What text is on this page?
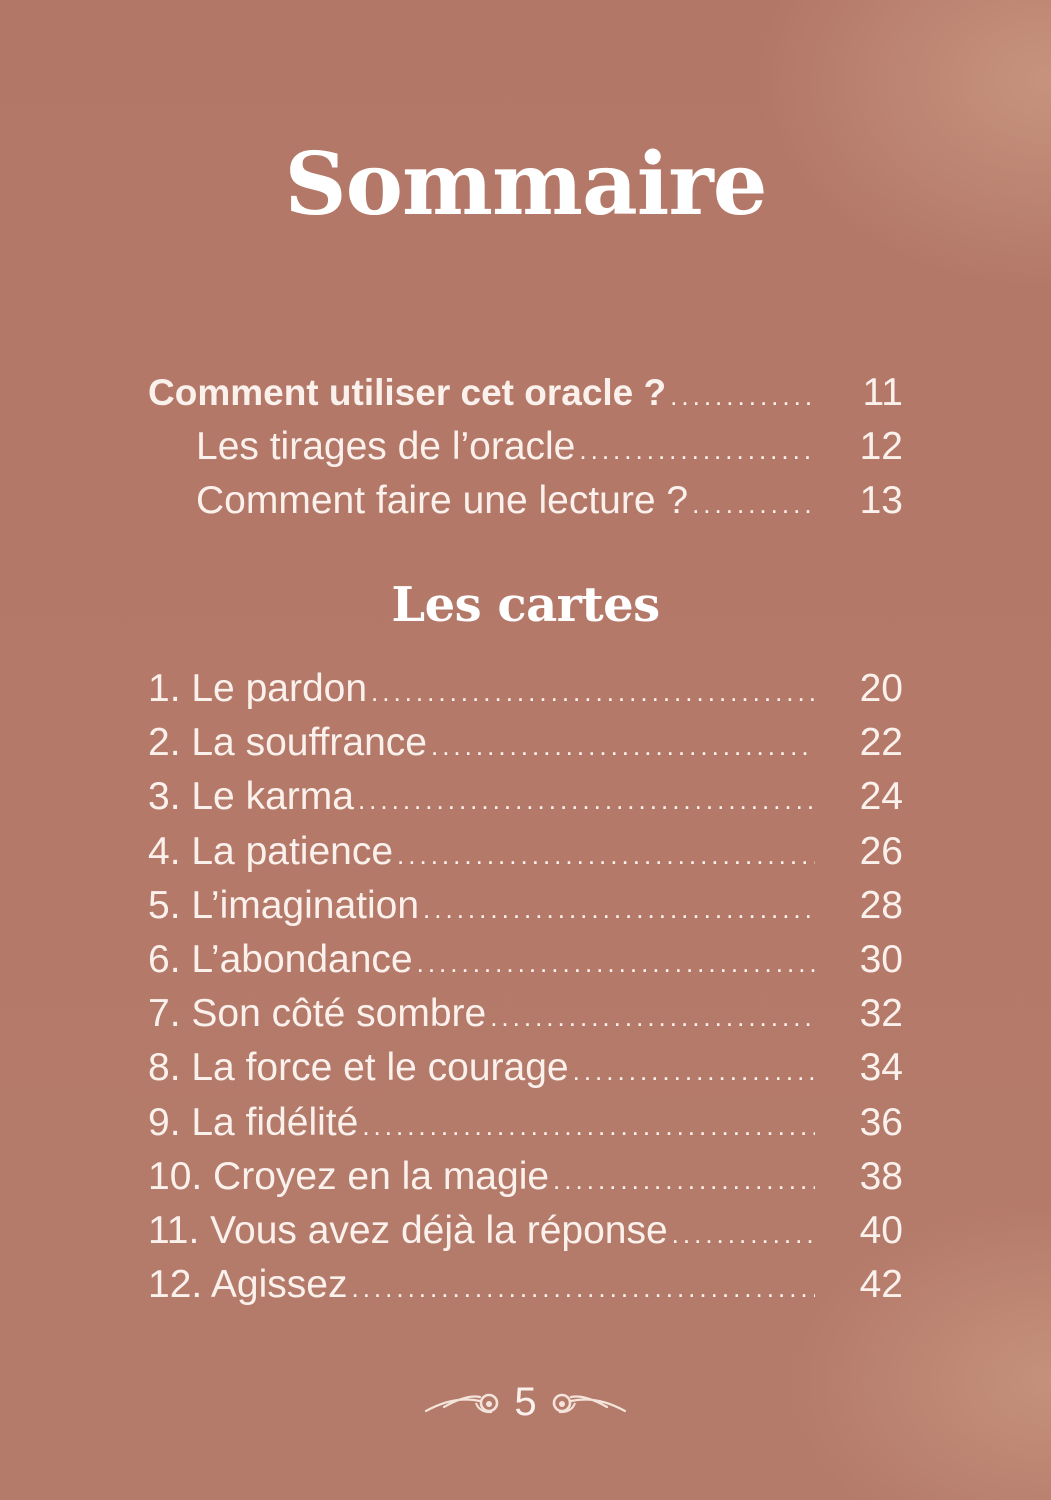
Sommaire
Comment utiliser cet oracle ? .....	11
Les tirages de l’oracle .....	12
Comment faire une lecture ? .....	13
Les cartes
1. Le pardon .....	20
2. La souffrance .....	22
3. Le karma .....	24
4. La patience .....	26
5. L’imagination .....	28
6. L’abondance .....	30
7. Son côté sombre .....	32
8. La force et le courage .....	34
9. La fidélité .....	36
10. Croyez en la magie .....	38
11. Vous avez déjà la réponse .....	40
12. Agissez .....	42
5
